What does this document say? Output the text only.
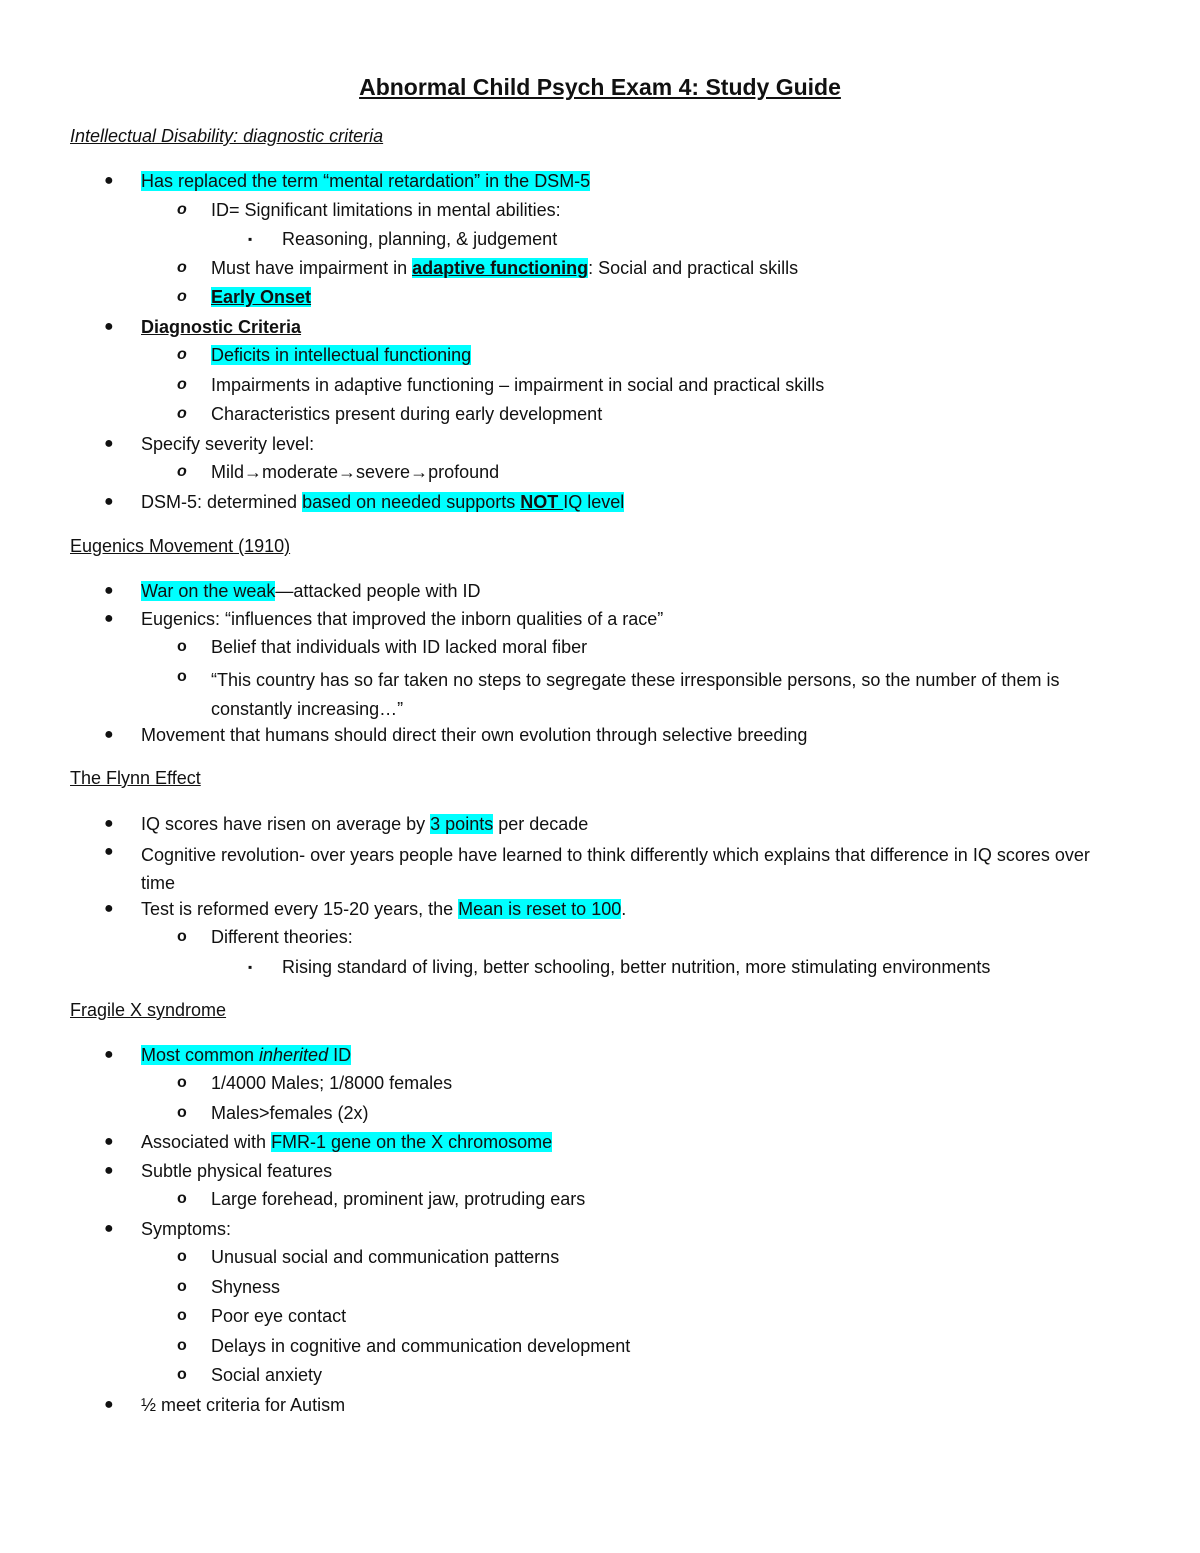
Abnormal Child Psych Exam 4: Study Guide
Intellectual Disability: diagnostic criteria
● Has replaced the term “mental retardation” in the DSM-5
o ID= Significant limitations in mental abilities:
▪ Reasoning, planning, & judgement
o Must have impairment in adaptive functioning: Social and practical skills
o Early Onset
● Diagnostic Criteria
o Deficits in intellectual functioning
o Impairments in adaptive functioning – impairment in social and practical skills
o Characteristics present during early development
● Specify severity level:
o Mild→moderate→severe→profound
● DSM-5: determined based on needed supports NOT IQ level
Eugenics Movement (1910)
● War on the weak—attacked people with ID
● Eugenics: “influences that improved the inborn qualities of a race”
o Belief that individuals with ID lacked moral fiber
o “This country has so far taken no steps to segregate these irresponsible persons, so the number of them is constantly increasing…”
● Movement that humans should direct their own evolution through selective breeding
The Flynn Effect
● IQ scores have risen on average by 3 points per decade
● Cognitive revolution- over years people have learned to think differently which explains that difference in IQ scores over time
● Test is reformed every 15-20 years, the Mean is reset to 100.
o Different theories:
▪ Rising standard of living, better schooling, better nutrition, more stimulating environments
Fragile X syndrome
● Most common inherited ID
o 1/4000 Males; 1/8000 females
o Males>females (2x)
● Associated with FMR-1 gene on the X chromosome
● Subtle physical features
o Large forehead, prominent jaw, protruding ears
● Symptoms:
o Unusual social and communication patterns
o Shyness
o Poor eye contact
o Delays in cognitive and communication development
o Social anxiety
● ½ meet criteria for Autism
